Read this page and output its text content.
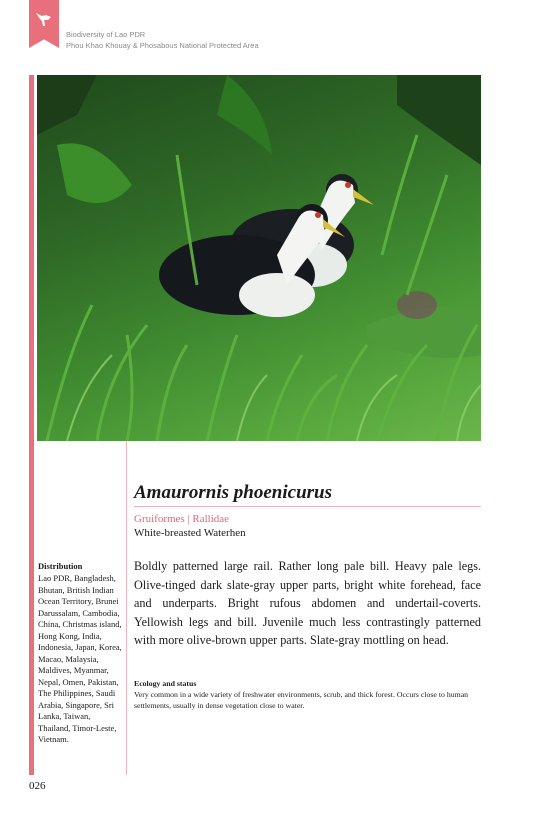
Biodiversity of Lao PDR
Phou Khao Khouay & Phosabous National Protected Area
Amaurornis phoenicurus
Gruiformes | Rallidae
White-breasted Waterhen
Distribution
Lao PDR, Bangladesh, Bhutan, British Indian Ocean Territory, Brunei Darussalam, Cambodia, China, Christmas island, Hong Kong, India, Indonesia, Japan, Korea, Macao, Malaysia, Maldives, Myanmar, Nepal, Omen, Pakistan, The Philippines, Saudi Arabia, Singapore, Sri Lanka, Taiwan, Thailand, Timor-Leste, Vietnam.
Boldly patterned large rail. Rather long pale bill. Heavy pale legs. Olive-tinged dark slate-gray upper parts, bright white forehead, face and underparts. Bright rufous abdomen and undertail-coverts. Yellowish legs and bill. Juvenile much less contrastingly patterned with more olive-brown upper parts. Slate-gray mottling on head.
Ecology and status
Very common in a wide variety of freshwater environments, scrub, and thick forest. Occurs close to human settlements, usually in dense vegetation close to water.
026
